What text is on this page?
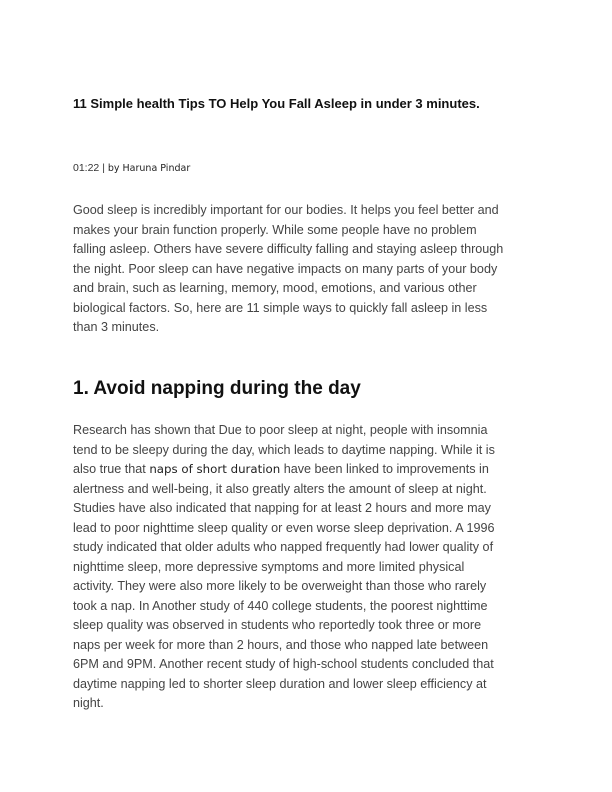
11 Simple health Tips TO Help You Fall Asleep in under 3 minutes.
01:22 | by Haruna Pindar
Good sleep is incredibly important for our bodies. It helps you feel better and
makes your brain function properly. While some people have no problem
falling asleep. Others have severe difficulty falling and staying asleep through
the night. Poor sleep can have negative impacts on many parts of your body
and brain, such as learning, memory, mood, emotions, and various other
biological factors. So, here are 11 simple ways to quickly fall asleep in less
than 3 minutes.
1. Avoid napping during the day
Research has shown that Due to poor sleep at night, people with insomnia
tend to be sleepy during the day, which leads to daytime napping. While it is
also true that naps of short duration have been linked to improvements in
alertness and well-being, it also greatly alters the amount of sleep at night.
Studies have also indicated that napping for at least 2 hours and more may
lead to poor nighttime sleep quality or even worse sleep deprivation. A 1996
study indicated that older adults who napped frequently had lower quality of
nighttime sleep, more depressive symptoms and more limited physical
activity. They were also more likely to be overweight than those who rarely
took a nap. In Another study of 440 college students, the poorest nighttime
sleep quality was observed in students who reportedly took three or more
naps per week for more than 2 hours, and those who napped late between
6PM and 9PM. Another recent study of high-school students concluded that
daytime napping led to shorter sleep duration and lower sleep efficiency at
night.
